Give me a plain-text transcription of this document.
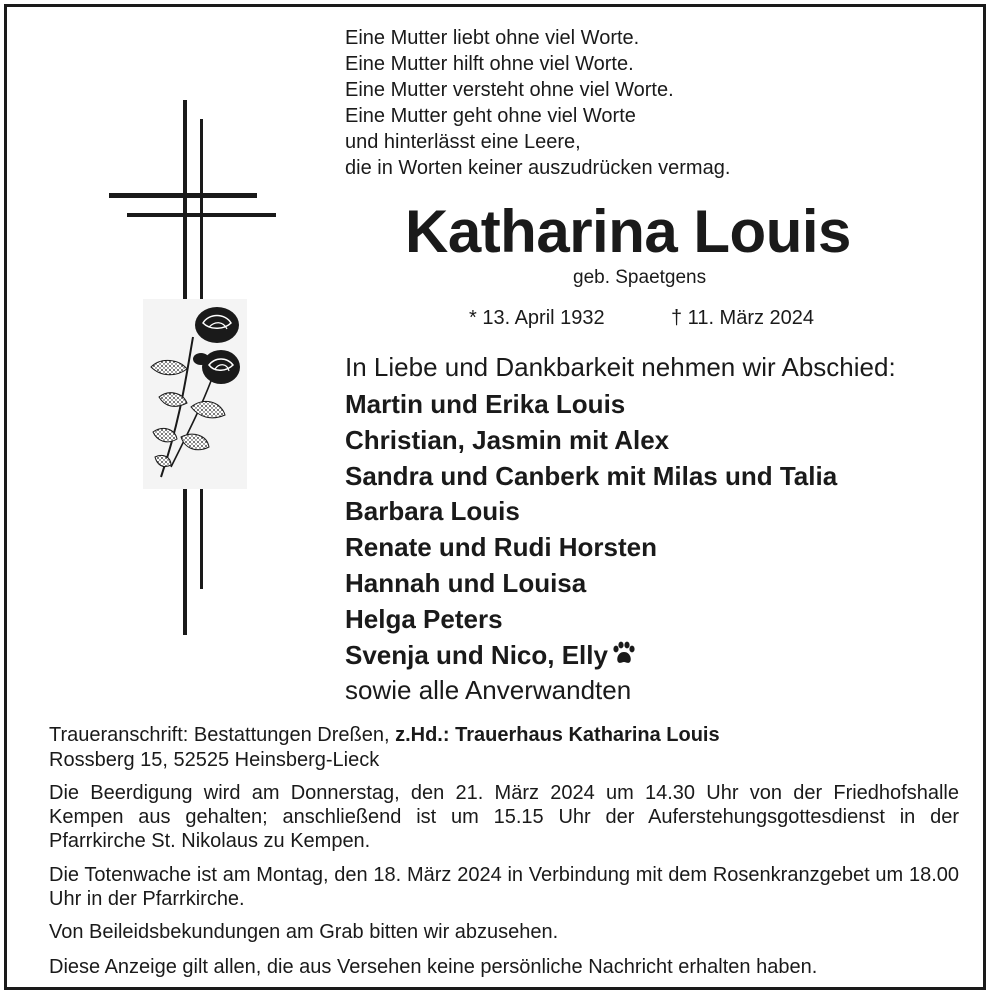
Eine Mutter liebt ohne viel Worte.
Eine Mutter hilft ohne viel Worte.
Eine Mutter versteht ohne viel Worte.
Eine Mutter geht ohne viel Worte
und hinterlässt eine Leere,
die in Worten keiner auszudrücken vermag.
Katharina Louis
geb. Spaetgens
* 13. April 1932	† 11. März 2024
In Liebe und Dankbarkeit nehmen wir Abschied:
Martin und Erika Louis
Christian, Jasmin mit Alex
Sandra und Canberk mit Milas und Talia
Barbara Louis
Renate und Rudi Horsten
Hannah und Louisa
Helga Peters
Svenja und Nico, Elly
sowie alle Anverwandten
Traueranschrift: Bestattungen Dreßen, z.Hd.: Trauerhaus Katharina Louis
Rossberg 15, 52525 Heinsberg-Lieck

Die Beerdigung wird am Donnerstag, den 21. März 2024 um 14.30 Uhr von der Friedhofshalle Kempen aus gehalten; anschließend ist um 15.15 Uhr der Auferstehungsgottesdienst in der Pfarrkirche St. Nikolaus zu Kempen.

Die Totenwache ist am Montag, den 18. März 2024 in Verbindung mit dem Rosenkranzgebet um 18.00 Uhr in der Pfarrkirche.

Von Beileidsbekundungen am Grab bitten wir abzusehen.

Diese Anzeige gilt allen, die aus Versehen keine persönliche Nachricht erhalten haben.
